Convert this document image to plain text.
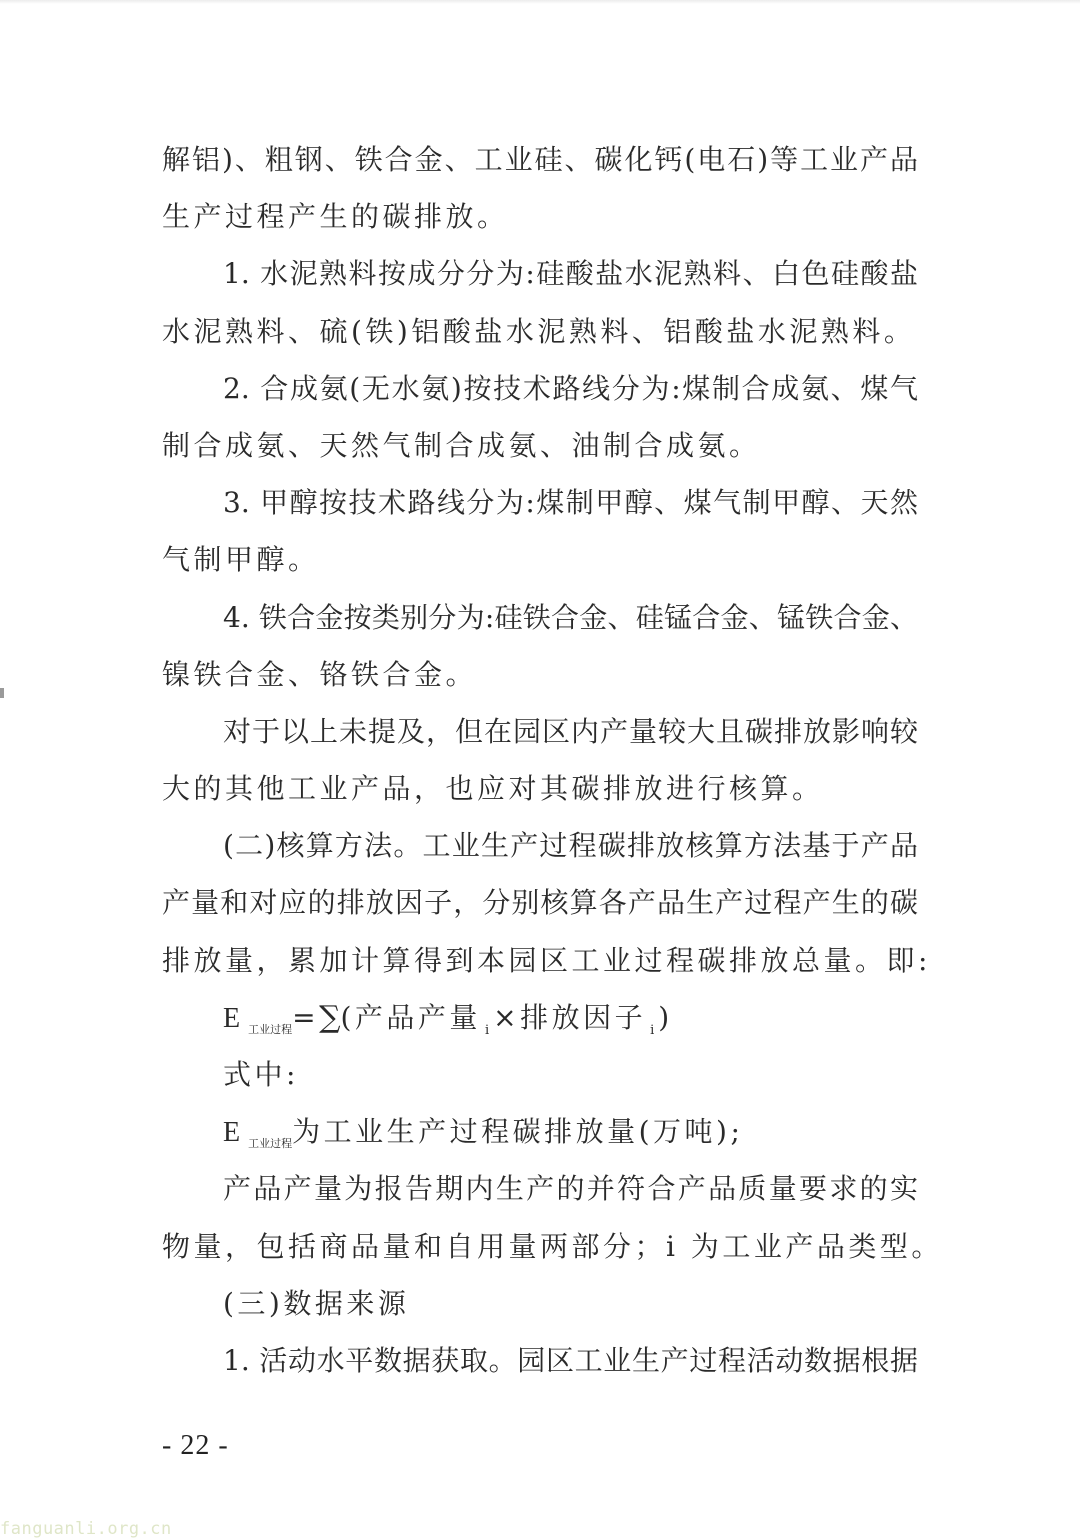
解铝)、粗钢、铁合金、工业硅、碳化钙(电石)等工业产品
生产过程产生的碳排放。
1. 水泥熟料按成分分为:硅酸盐水泥熟料、白色硅酸盐
水泥熟料、硫(铁)铝酸盐水泥熟料、铝酸盐水泥熟料。
2. 合成氨(无水氨)按技术路线分为:煤制合成氨、煤气
制合成氨、天然气制合成氨、油制合成氨。
3. 甲醇按技术路线分为:煤制甲醇、煤气制甲醇、天然
气制甲醇。
4. 铁合金按类别分为:硅铁合金、硅锰合金、锰铁合金、
镍铁合金、铬铁合金。
对于以上未提及，但在园区内产量较大且碳排放影响较
大的其他工业产品，也应对其碳排放进行核算。
(二)核算方法。工业生产过程碳排放核算方法基于产品
产量和对应的排放因子，分别核算各产品生产过程产生的碳
排放量，累加计算得到本园区工业过程碳排放总量。即:
E $_{工业过程}$=∑(产品产量 $_i$ ×排放因子 $_i$ )
式中:
E $_{工业过程}$为工业生产过程碳排放量(万吨);
产品产量为报告期内生产的并符合产品质量要求的实
物量，包括商品量和自用量两部分；i 为工业产品类型。
(三)数据来源
1. 活动水平数据获取。园区工业生产过程活动数据根据
- 22 -
fanguanli.org.cn
